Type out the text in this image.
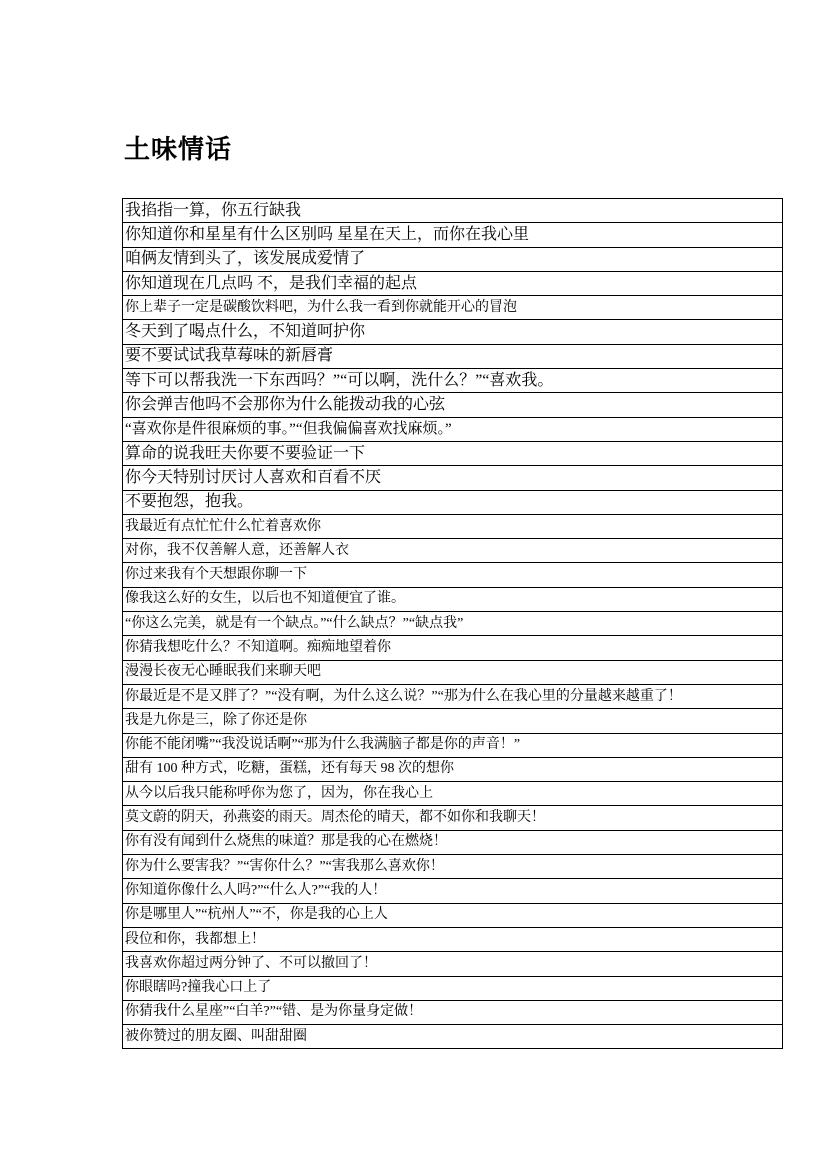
土味情话
我掐指一算，你五行缺我
你知道你和星星有什么区别吗 星星在天上，而你在我心里
咱俩友情到头了，该发展成爱情了
你知道现在几点吗 不，是我们幸福的起点
你上辈子一定是碳酸饮料吧，为什么我一看到你就能开心的冒泡
冬天到了喝点什么，不知道呵护你
要不要试试我草莓味的新唇膏
等下可以帮我洗一下东西吗？”“可以啊，洗什么？”“喜欢我。
你会弹吉他吗不会那你为什么能拨动我的心弦
“喜欢你是件很麻烦的事。”“但我偏偏喜欢找麻烦。”
算命的说我旺夫你要不要验证一下
你今天特别讨厌讨人喜欢和百看不厌
不要抱怨，抱我。
我最近有点忙忙什么忙着喜欢你
对你，我不仅善解人意，还善解人衣
你过来我有个天想跟你聊一下
像我这么好的女生，以后也不知道便宜了谁。
“你这么完美，就是有一个缺点。”“什么缺点？”“缺点我”
你猜我想吃什么？不知道啊。痴痴地望着你
漫漫长夜无心睡眠我们来聊天吧
你最近是不是又胖了？”“没有啊，为什么这么说？”“那为什么在我心里的分量越来越重了！
我是九你是三，除了你还是你
你能不能闭嘴”“我没说话啊”“那为什么我满脑子都是你的声音！”
甜有 100 种方式，吃糖，蛋糕，还有每天 98 次的想你
从今以后我只能称呼你为您了，因为，你在我心上
莫文蔚的阴天，孙燕姿的雨天。周杰伦的晴天，都不如你和我聊天！
你有没有闻到什么烧焦的味道？那是我的心在燃烧！
你为什么要害我？”“害你什么？”“害我那么喜欢你！
你知道你像什么人吗?”“什么人?”“我的人！
你是哪里人”“杭州人”“不，你是我的心上人
段位和你，我都想上！
我喜欢你超过两分钟了、不可以撤回了！
你眼瞎吗?撞我心口上了
你猜我什么星座”“白羊?”“错、是为你量身定做！
被你赞过的朋友圈、叫甜甜圈
